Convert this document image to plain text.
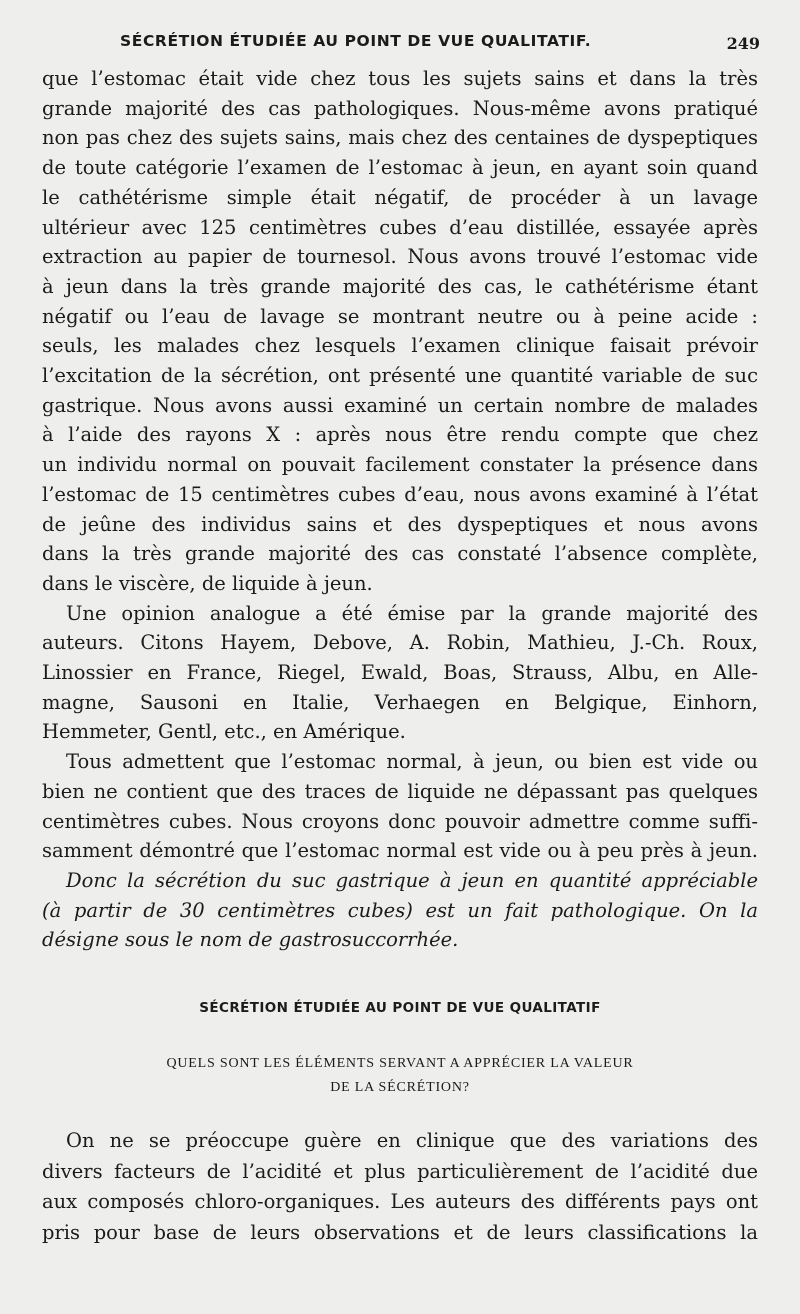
SÉCRÉTION ÉTUDIÉE AU POINT DE VUE QUALITATIF.	249
que l’estomac était vide chez tous les sujets sains et dans la très
grande majorité des cas pathologiques. Nous-même avons pratiqué
non pas chez des sujets sains, mais chez des centaines de dyspeptiques
de toute catégorie l’examen de l’estomac à jeun, en ayant soin quand
le cathétérisme simple était négatif, de procéder à un lavage
ultérieur avec 125 centimètres cubes d’eau distillée, essayée après
extraction au papier de tournesol. Nous avons trouvé l’estomac vide
à jeun dans la très grande majorité des cas, le cathétérisme étant
négatif ou l’eau de lavage se montrant neutre ou à peine acide :
seuls, les malades chez lesquels l’examen clinique faisait prévoir
l’excitation de la sécrétion, ont présenté une quantité variable de suc
gastrique. Nous avons aussi examiné un certain nombre de malades
à l’aide des rayons X : après nous être rendu compte que chez
un individu normal on pouvait facilement constater la présence dans
l’estomac de 15 centimètres cubes d’eau, nous avons examiné à l’état
de jeûne des individus sains et des dyspeptiques et nous avons
dans la très grande majorité des cas constaté l’absence complète,
dans le viscère, de liquide à jeun.
Une opinion analogue a été émise par la grande majorité des
auteurs. Citons Hayem, Debove, A. Robin, Mathieu, J.-Ch. Roux,
Linossier en France, Riegel, Ewald, Boas, Strauss, Albu, en Alle-
magne, Sausoni en Italie, Verhaegen en Belgique, Einhorn,
Hemmeter, Gentl, etc., en Amérique.
Tous admettent que l’estomac normal, à jeun, ou bien est vide ou
bien ne contient que des traces de liquide ne dépassant pas quelques
centimètres cubes. Nous croyons donc pouvoir admettre comme suffi-
samment démontré que l’estomac normal est vide ou à peu près à jeun.
Donc la sécrétion du suc gastrique à jeun en quantité appréciable
(à partir de 30 centimètres cubes) est un fait pathologique. On la
désigne sous le nom de gastrosuccorrhée.
SÉCRÉTION ÉTUDIÉE AU POINT DE VUE QUALITATIF
QUELS SONT LES ÉLÉMENTS SERVANT A APPRÉCIER LA VALEUR
DE LA SÉCRÉTION?
On ne se préoccupe guère en clinique que des variations des
divers facteurs de l’acidité et plus particulièrement de l’acidité due
aux composés chloro-organiques. Les auteurs des différents pays ont
pris pour base de leurs observations et de leurs classifications la
